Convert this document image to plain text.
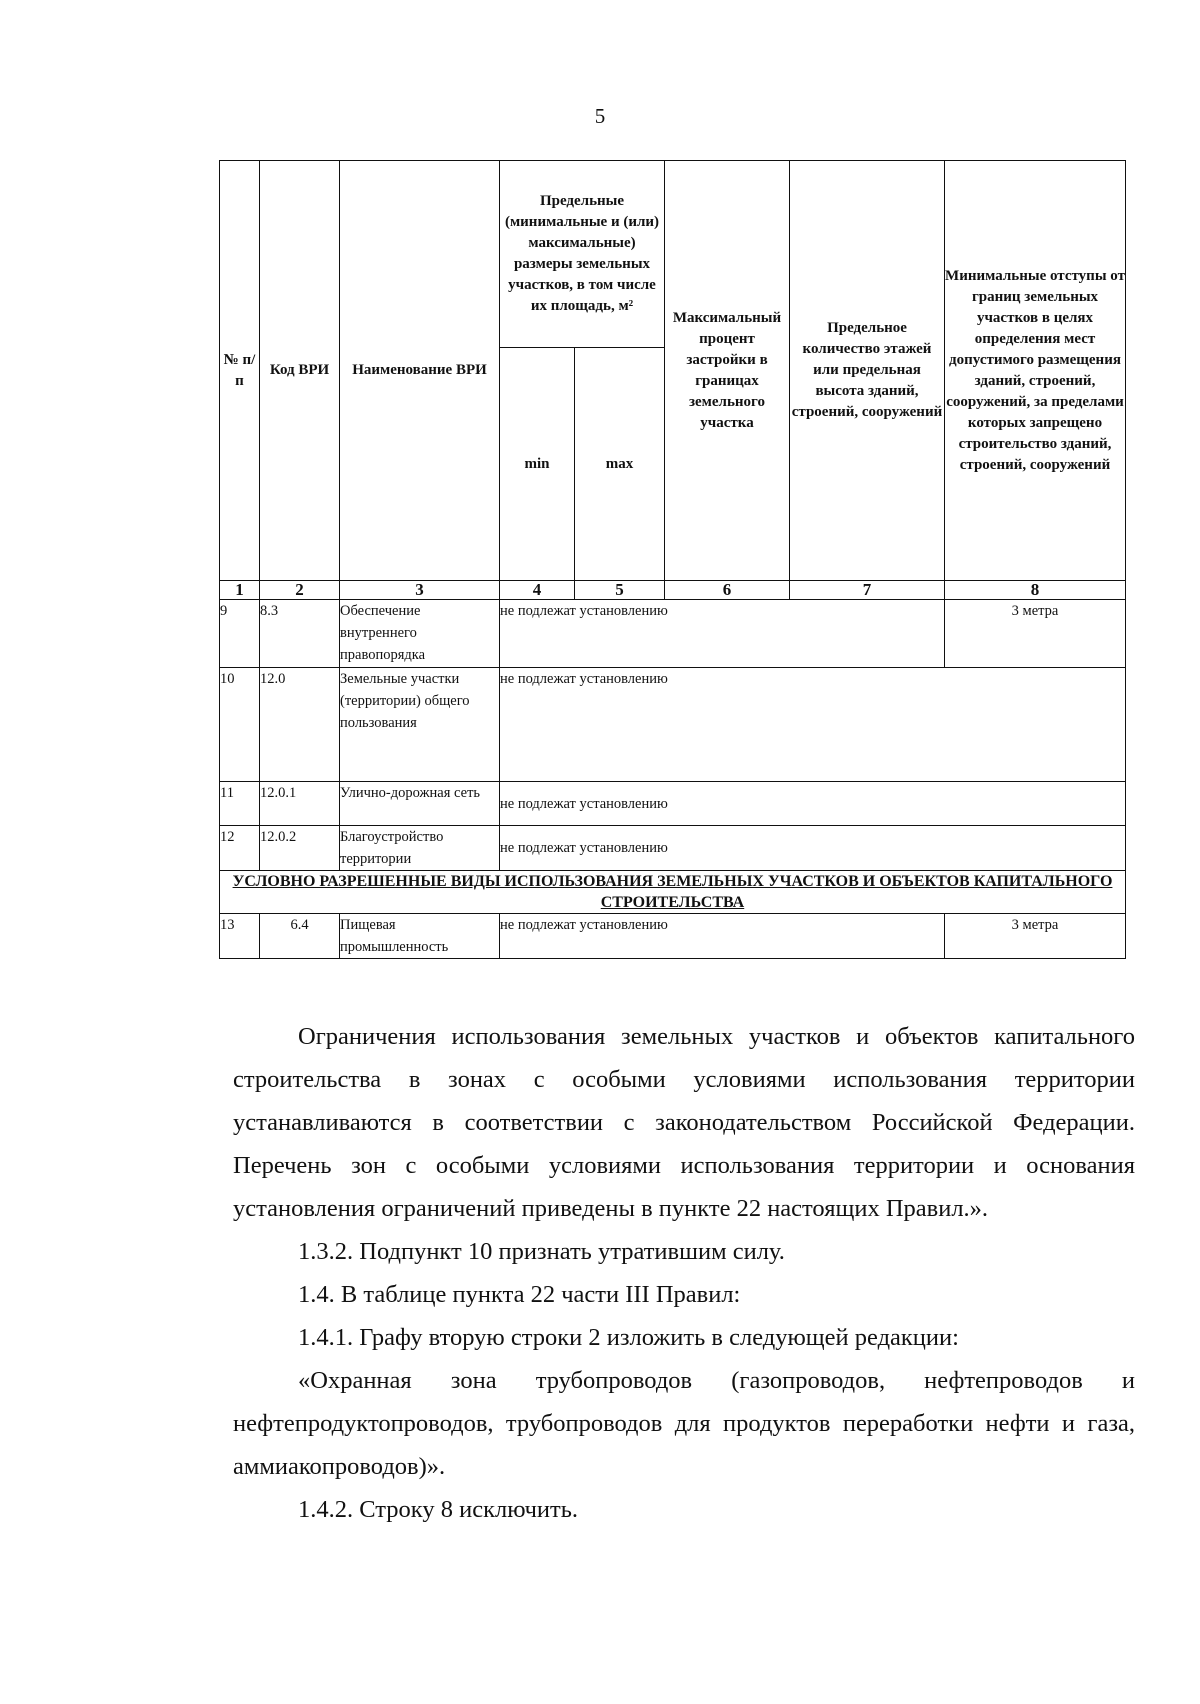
5
№ п/п	Код ВРИ	Наименование ВРИ	Предельные (минимальные и (или) максимальные) размеры земельных участков, в том числе их площадь, м²		Максимальный процент застройки в границах земельного участка	Предельное количество этажей или предельная высота зданий, строений, сооружений	Минимальные отступы от границ земельных участков в целях определения мест допустимого размещения зданий, строений, сооружений, за пределами которых запрещено строительство зданий, строений, сооружений
			min	max			
1	2	3	4	5	6	7	8
9	8.3	Обеспечение внутреннего правопорядка	не подлежат установлению				3 метра
10	12.0	Земельные участки (территории) общего пользования	не подлежат установлению				
11	12.0.1	Улично-дорожная сеть	не подлежат установлению				
12	12.0.2	Благоустройство территории	не подлежат установлению				
УСЛОВНО РАЗРЕШЕННЫЕ ВИДЫ ИСПОЛЬЗОВАНИЯ ЗЕМЕЛЬНЫХ УЧАСТКОВ И ОБЪЕКТОВ КАПИТАЛЬНОГО СТРОИТЕЛЬСТВА							
13	6.4	Пищевая промышленность	не подлежат установлению				3 метра

Ограничения использования земельных участков и объектов капитального строительства в зонах с особыми условиями использования территории устанавливаются в соответствии с законодательством Российской Федерации. Перечень зон с особыми условиями использования территории и основания установления ограничений приведены в пункте 22 настоящих Правил.».

1.3.2. Подпункт 10 признать утратившим силу.

1.4. В таблице пункта 22 части III Правил:

1.4.1. Графу вторую строки 2 изложить в следующей редакции:

«Охранная зона трубопроводов (газопроводов, нефтепроводов и нефтепродуктопроводов, трубопроводов для продуктов переработки нефти и газа, аммиакопроводов)».

1.4.2. Строку 8 исключить.
